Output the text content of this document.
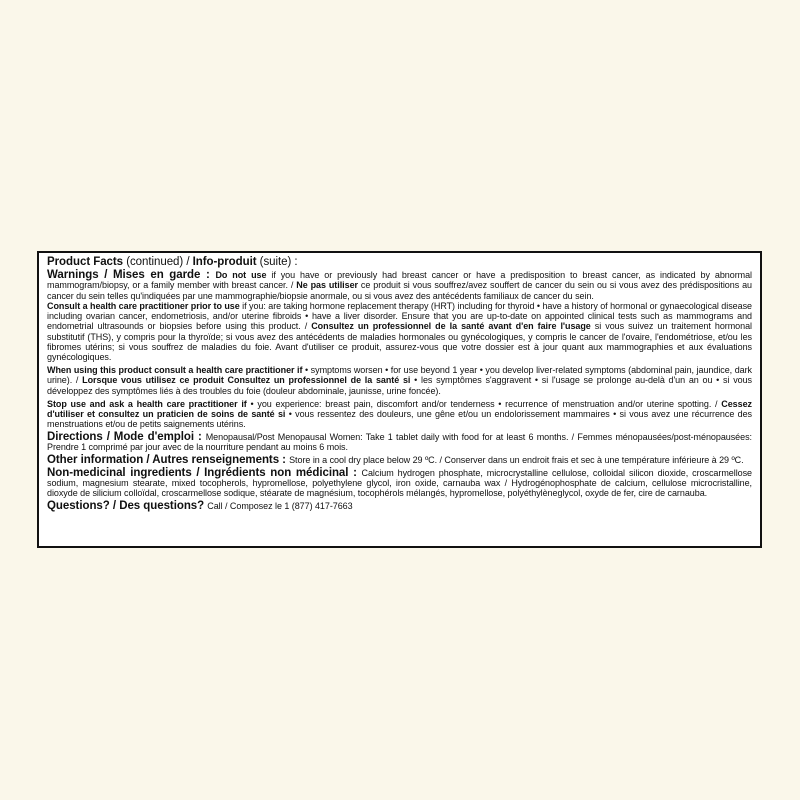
Product Facts (continued) / Info-produit (suite) :
Warnings / Mises en garde : Do not use if you have or previously had breast cancer or have a predisposition to breast cancer, as indicated by abnormal mammogram/biopsy, or a family member with breast cancer. / Ne pas utiliser ce produit si vous souffrez/avez souffert de cancer du sein ou si vous avez des prédispositions au cancer du sein telles qu'indiquées par une mammographie/biopsie anormale, ou si vous avez des antécédents familiaux de cancer du sein.
Consult a health care practitioner prior to use if you: are taking hormone replacement therapy (HRT) including for thyroid • have a history of hormonal or gynaecological disease including ovarian cancer, endometriosis, and/or uterine fibroids • have a liver disorder. Ensure that you are up-to-date on appointed clinical tests such as mammograms and endometrial ultrasounds or biopsies before using this product. / Consultez un professionnel de la santé avant d'en faire l'usage si vous suivez un traitement hormonal substitutif (THS), y compris pour la thyroïde; si vous avez des antécédents de maladies hormonales ou gynécologiques, y compris le cancer de l'ovaire, l'endométriose, et/ou les fibromes utérins; si vous souffrez de maladies du foie. Avant d'utiliser ce produit, assurez-vous que votre dossier est à jour quant aux mammographies et aux évaluations gynécologiques.
When using this product consult a health care practitioner if • symptoms worsen • for use beyond 1 year • you develop liver-related symptoms (abdominal pain, jaundice, dark urine). / Lorsque vous utilisez ce produit Consultez un professionnel de la santé si • les symptômes s'aggravent • si l'usage se prolonge au-delà d'un an ou • si vous développez des symptômes liés à des troubles du foie (douleur abdominale, jaunisse, urine foncée).
Stop use and ask a health care practitioner if • you experience: breast pain, discomfort and/or tenderness • recurrence of menstruation and/or uterine spotting. / Cessez d'utiliser et consultez un praticien de soins de santé si • vous ressentez des douleurs, une gêne et/ou un endolorissement mammaires • si vous avez une récurrence des menstruations et/ou de petits saignements utérins.
Directions / Mode d'emploi : Menopausal/Post Menopausal Women: Take 1 tablet daily with food for at least 6 months. / Femmes ménopausées/post-ménopausées: Prendre 1 comprimé par jour avec de la nourriture pendant au moins 6 mois.
Other information / Autres renseignements : Store in a cool dry place below 29 ºC. / Conserver dans un endroit frais et sec à une température inférieure à 29 ºC.
Non-medicinal ingredients / Ingrédients non médicinal : Calcium hydrogen phosphate, microcrystalline cellulose, colloidal silicon dioxide, croscarmellose sodium, magnesium stearate, mixed tocopherols, hypromellose, polyethylene glycol, iron oxide, carnauba wax / Hydrogénophosphate de calcium, cellulose microcristalline, dioxyde de silicium colloïdal, croscarmellose sodique, stéarate de magnésium, tocophérols mélangés, hypromellose, polyéthylèneglycol, oxyde de fer, cire de carnauba.
Questions? / Des questions? Call / Composez le 1 (877) 417-7663
